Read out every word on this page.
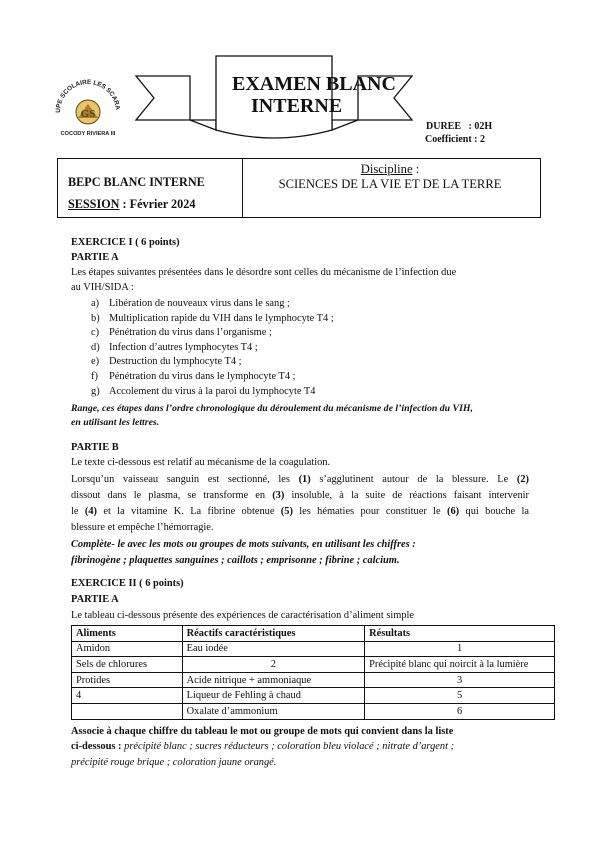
UPE SCOLAIRE LES SCARA
GS
COCODY RIVIERA III
EXAMEN BLANC
INTERNE
DUREE   : 02H
Coefficient : 2
BEPC BLANC INTERNE
SESSION : Février 2024
Discipline :
SCIENCES DE LA VIE ET DE LA TERRE
EXERCICE I ( 6 points)
PARTIE A
Les étapes suivantes présentées dans le désordre sont celles du mécanisme de l’infection due
au VIH/SIDA :
a) Libération de nouveaux virus dans le sang ;
b) Multiplication rapide du VIH dans le lymphocyte T4 ;
c) Pénétration du virus dans l’organisme ;
d) Infection d’autres lymphocytes T4 ;
e) Destruction du lymphocyte T4 ;
f) Pénétration du virus dans le lymphocyte T4 ;
g) Accolement du virus à la paroi du lymphocyte T4
Range, ces étapes dans l’ordre chronologique du déroulement du mécanisme de l’infection du VIH,
en utilisant les lettres.
PARTIE B
Le texte ci-dessous est relatif au mécanisme de la coagulation.
Lorsqu’un vaisseau sanguin est sectionné, les (1) s’agglutinent autour de la blessure. Le (2)
dissout dans le plasma, se transforme en (3) insoluble, à la suite de réactions faisant intervenir
le (4) et la vitamine K. La fibrine obtenue (5) les hématies pour constituer le (6) qui bouche la
blessure et empêche l’hémorragie.
Complète- le avec les mots ou groupes de mots suivants, en utilisant les chiffres :
fibrinogène ; plaquettes sanguines ; caillots ; emprisonne ; fibrine ; calcium.
EXERCICE II ( 6 points)
PARTIE A
Le tableau ci-dessous présente des expériences de caractérisation d’aliment simple
Aliments	Réactifs caractéristiques	Résultats
Amidon	Eau iodée	1
Sels de chlorures	2	Précipité blanc qui noircit à la lumière
Protides	Acide nitrique + ammoniaque	3
4	Liqueur de Fehling à chaud	5
	Oxalate d’ammonium	6
Associe à chaque chiffre du tableau le mot ou groupe de mots qui convient dans la liste
ci-dessous : précipité blanc ; sucres réducteurs ; coloration bleu violacé ; nitrate d’argent ;
précipité rouge brique ; coloration jaune orangé.
